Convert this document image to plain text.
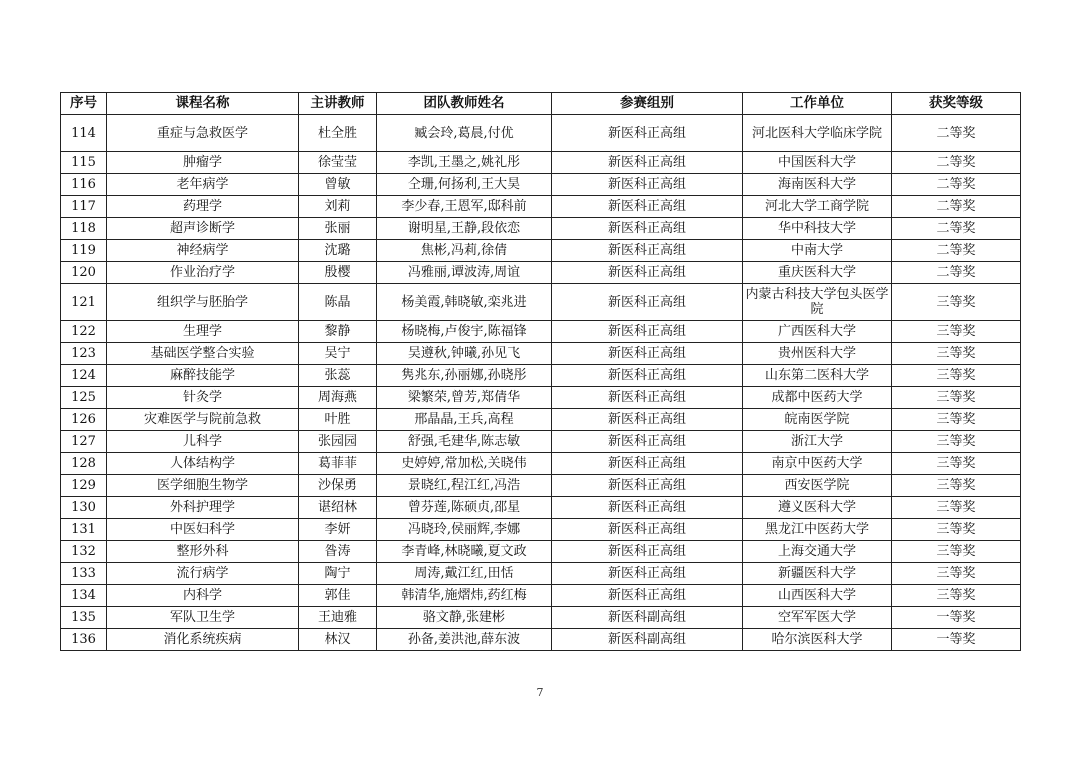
序号	课程名称	主讲教师	团队教师姓名	参赛组别	工作单位	获奖等级
114	重症与急救医学	杜全胜	臧会玲,葛晨,付优	新医科正高组	河北医科大学临床学院	二等奖
115	肿瘤学	徐莹莹	李凯,王墨之,姚礼彤	新医科正高组	中国医科大学	二等奖
116	老年病学	曾敏	仝珊,何扬利,王大昊	新医科正高组	海南医科大学	二等奖
117	药理学	刘莉	李少春,王恩军,邸科前	新医科正高组	河北大学工商学院	二等奖
118	超声诊断学	张丽	谢明星,王静,段依恋	新医科正高组	华中科技大学	二等奖
119	神经病学	沈璐	焦彬,冯莉,徐倩	新医科正高组	中南大学	二等奖
120	作业治疗学	殷樱	冯雅丽,谭波涛,周谊	新医科正高组	重庆医科大学	二等奖
121	组织学与胚胎学	陈晶	杨美霞,韩晓敏,栾兆进	新医科正高组	内蒙古科技大学包头医学院	三等奖
122	生理学	黎静	杨晓梅,卢俊宇,陈福锋	新医科正高组	广西医科大学	三等奖
123	基础医学整合实验	吴宁	吴遵秋,钟曦,孙见飞	新医科正高组	贵州医科大学	三等奖
124	麻醉技能学	张蕊	隽兆东,孙丽娜,孙晓彤	新医科正高组	山东第二医科大学	三等奖
125	针灸学	周海燕	梁繁荣,曾芳,郑倩华	新医科正高组	成都中医药大学	三等奖
126	灾难医学与院前急救	叶胜	邢晶晶,王兵,高程	新医科正高组	皖南医学院	三等奖
127	儿科学	张园园	舒强,毛建华,陈志敏	新医科正高组	浙江大学	三等奖
128	人体结构学	葛菲菲	史婷婷,常加松,关晓伟	新医科正高组	南京中医药大学	三等奖
129	医学细胞生物学	沙保勇	景晓红,程江红,冯浩	新医科正高组	西安医学院	三等奖
130	外科护理学	谌绍林	曾芬莲,陈硕贞,邵星	新医科正高组	遵义医科大学	三等奖
131	中医妇科学	李妍	冯晓玲,侯丽辉,李娜	新医科正高组	黑龙江中医药大学	三等奖
132	整形外科	昝涛	李青峰,林晓曦,夏文政	新医科正高组	上海交通大学	三等奖
133	流行病学	陶宁	周涛,戴江红,田恬	新医科正高组	新疆医科大学	三等奖
134	内科学	郭佳	韩清华,施熠炜,药红梅	新医科正高组	山西医科大学	三等奖
135	军队卫生学	王迪雅	骆文静,张建彬	新医科副高组	空军军医大学	一等奖
136	消化系统疾病	林汉	孙备,姜洪池,薛东波	新医科副高组	哈尔滨医科大学	一等奖
7
